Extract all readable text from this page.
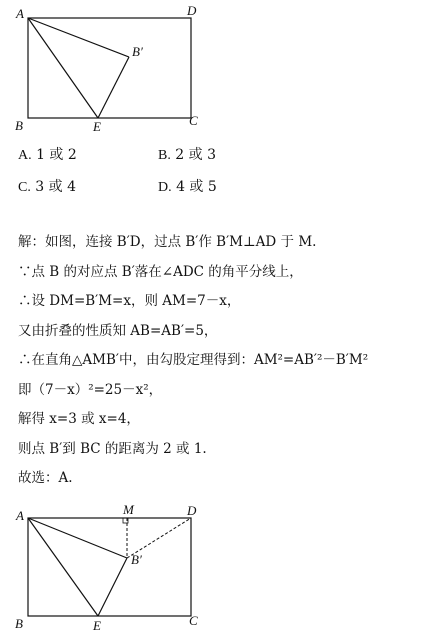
A	D
B	C
E
B′
A. 1 或 2	B. 2 或 3
C. 3 或 4	D. 4 或 5
解：如图，连接 B′D，过点 B′作 B′M⊥AD 于 M.
∵点 B 的对应点 B′落在∠ADC 的角平分线上，
∴设 DM=B′M=x，则 AM=7－x，
又由折叠的性质知 AB=AB′=5，
∴在直角△AMB′中，由勾股定理得到：AM²=AB′²－B′M²
即（7－x）²=25－x²，
解得 x=3 或 x=4，
则点 B′到 BC 的距离为 2 或 1.
故选：A.
A	M	D
B	C
E
B′
